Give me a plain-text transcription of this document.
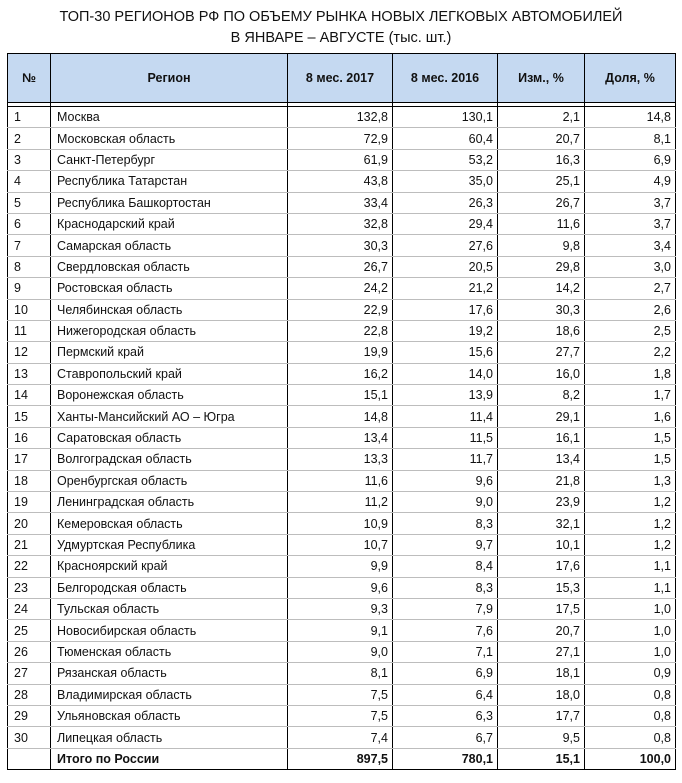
ТОП-30 РЕГИОНОВ РФ ПО ОБЪЕМУ РЫНКА НОВЫХ ЛЕГКОВЫХ АВТОМОБИЛЕЙ
В ЯНВАРЕ – АВГУСТЕ (тыс. шт.)
№	Регион	8 мес. 2017	8 мес. 2016	Изм., %	Доля, %

1	Москва	132,8	130,1	2,1	14,8
2	Московская область	72,9	60,4	20,7	8,1
3	Санкт-Петербург	61,9	53,2	16,3	6,9
4	Республика Татарстан	43,8	35,0	25,1	4,9
5	Республика Башкортостан	33,4	26,3	26,7	3,7
6	Краснодарский край	32,8	29,4	11,6	3,7
7	Самарская область	30,3	27,6	9,8	3,4
8	Свердловская область	26,7	20,5	29,8	3,0
9	Ростовская область	24,2	21,2	14,2	2,7
10	Челябинская область	22,9	17,6	30,3	2,6
11	Нижегородская область	22,8	19,2	18,6	2,5
12	Пермский край	19,9	15,6	27,7	2,2
13	Ставропольский край	16,2	14,0	16,0	1,8
14	Воронежская область	15,1	13,9	8,2	1,7
15	Ханты-Мансийский АО – Югра	14,8	11,4	29,1	1,6
16	Саратовская область	13,4	11,5	16,1	1,5
17	Волгоградская область	13,3	11,7	13,4	1,5
18	Оренбургская область	11,6	9,6	21,8	1,3
19	Ленинградская область	11,2	9,0	23,9	1,2
20	Кемеровская область	10,9	8,3	32,1	1,2
21	Удмуртская Республика	10,7	9,7	10,1	1,2
22	Красноярский край	9,9	8,4	17,6	1,1
23	Белгородская область	9,6	8,3	15,3	1,1
24	Тульская область	9,3	7,9	17,5	1,0
25	Новосибирская область	9,1	7,6	20,7	1,0
26	Тюменская область	9,0	7,1	27,1	1,0
27	Рязанская область	8,1	6,9	18,1	0,9
28	Владимирская область	7,5	6,4	18,0	0,8
29	Ульяновская область	7,5	6,3	17,7	0,8
30	Липецкая область	7,4	6,7	9,5	0,8
	Итого по России	897,5	780,1	15,1	100,0
